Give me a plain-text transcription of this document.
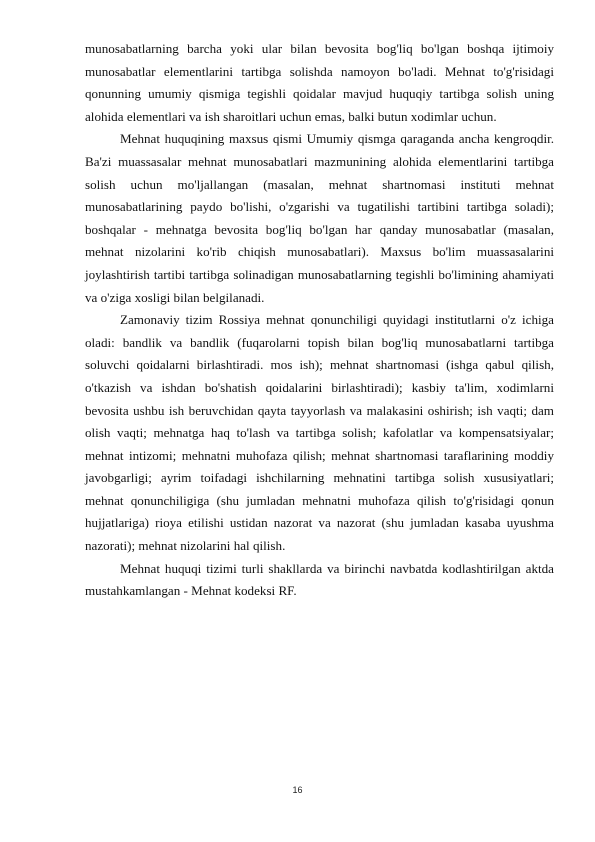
munosabatlarning barcha yoki ular bilan bevosita bog'liq bo'lgan boshqa ijtimoiy munosabatlar elementlarini tartibga solishda namoyon bo'ladi. Mehnat to'g'risidagi qonunning umumiy qismiga tegishli qoidalar mavjud huquqiy tartibga solish uning alohida elementlari va ish sharoitlari uchun emas, balki butun xodimlar uchun.

Mehnat huquqining maxsus qismi Umumiy qismga qaraganda ancha kengroqdir. Ba'zi muassasalar mehnat munosabatlari mazmunining alohida elementlarini tartibga solish uchun mo'ljallangan (masalan, mehnat shartnomasi instituti mehnat munosabatlarining paydo bo'lishi, o'zgarishi va tugatilishi tartibini tartibga soladi); boshqalar - mehnatga bevosita bog'liq bo'lgan har qanday munosabatlar (masalan, mehnat nizolarini ko'rib chiqish munosabatlari). Maxsus bo'lim muassasalarini joylashtirish tartibi tartibga solinadigan munosabatlarning tegishli bo'limining ahamiyati va o'ziga xosligi bilan belgilanadi.

Zamonaviy tizim Rossiya mehnat qonunchiligi quyidagi institutlarni o'z ichiga oladi: bandlik va bandlik (fuqarolarni topish bilan bog'liq munosabatlarni tartibga soluvchi qoidalarni birlashtiradi. mos ish); mehnat shartnomasi (ishga qabul qilish, o'tkazish va ishdan bo'shatish qoidalarini birlashtiradi); kasbiy ta'lim, xodimlarni bevosita ushbu ish beruvchidan qayta tayyorlash va malakasini oshirish; ish vaqti; dam olish vaqti; mehnatga haq to'lash va tartibga solish; kafolatlar va kompensatsiyalar; mehnat intizomi; mehnatni muhofaza qilish; mehnat shartnomasi taraflarining moddiy javobgarligi; ayrim toifadagi ishchilarning mehnatini tartibga solish xususiyatlari; mehnat qonunchiligiga (shu jumladan mehnatni muhofaza qilish to'g'risidagi qonun hujjatlariga) rioya etilishi ustidan nazorat va nazorat (shu jumladan kasaba uyushma nazorati); mehnat nizolarini hal qilish.

Mehnat huquqi tizimi turli shakllarda va birinchi navbatda kodlashtirilgan aktda mustahkamlangan - Mehnat kodeksi RF.

16
